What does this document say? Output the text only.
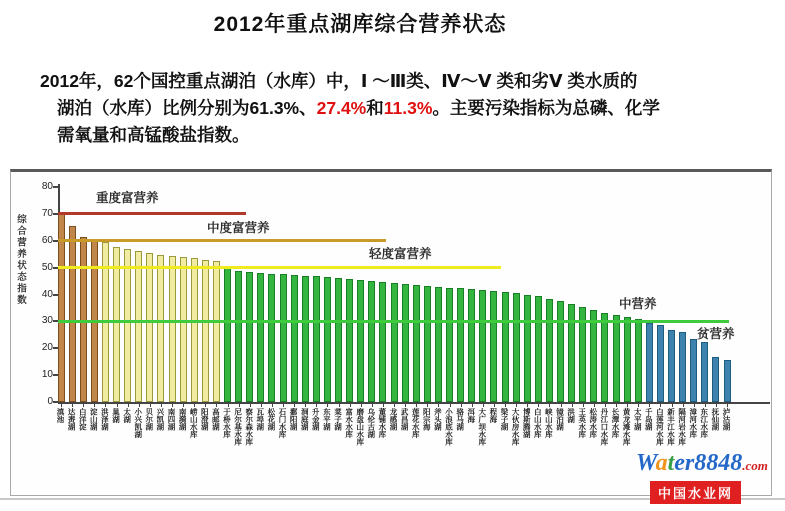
2012年重点湖库综合营养状态
2012年，62个国控重点湖泊（水库）中，Ⅰ ～Ⅲ类、Ⅳ～Ⅴ 类和劣Ⅴ 类水质的
湖泊（水库）比例分别为61.3%、27.4%和11.3%。主要污染指标为总磷、化学
需氧量和高锰酸盐指数。
综合营养状态指数
0
10
20
30
40
50
60
70
80
滇池 达赉湖 白洋淀 淀山湖 洪泽湖 巢湖 太湖 小兴凯湖 贝尔湖 兴凯湖 南四湖 南漪湖 崂山水库 阳澄湖 高邮湖 于桥水库 尼尔基水库 察尔森水库 瓦埠湖 松花湖 石门水库 鄱阳湖 洞庭湖 升金湖 东平湖 菜子湖 富水水库 磨盘山水库 乌伦古湖 董铺水库 龙感湖 武昌湖 莲花水库 阳宗海 斧头湖 小浪底水库 骆马湖 洱海 大广坝水库 程海 梁子湖 大伙房水库 博斯腾湖 白山水库 峡山水库 镜泊湖 洪湖 王英水库 松涛水库 丹江口水库 长潭水库 黄龙滩水库 太平湖 千岛湖 白莲河水库 新丰江水库 隔河岩水库 漳河水库 东江水库 抚仙湖 泸沽湖
重度富营养
中度富营养
轻度富营养
中营养
贫营养
Water8848.com
中国水业网
